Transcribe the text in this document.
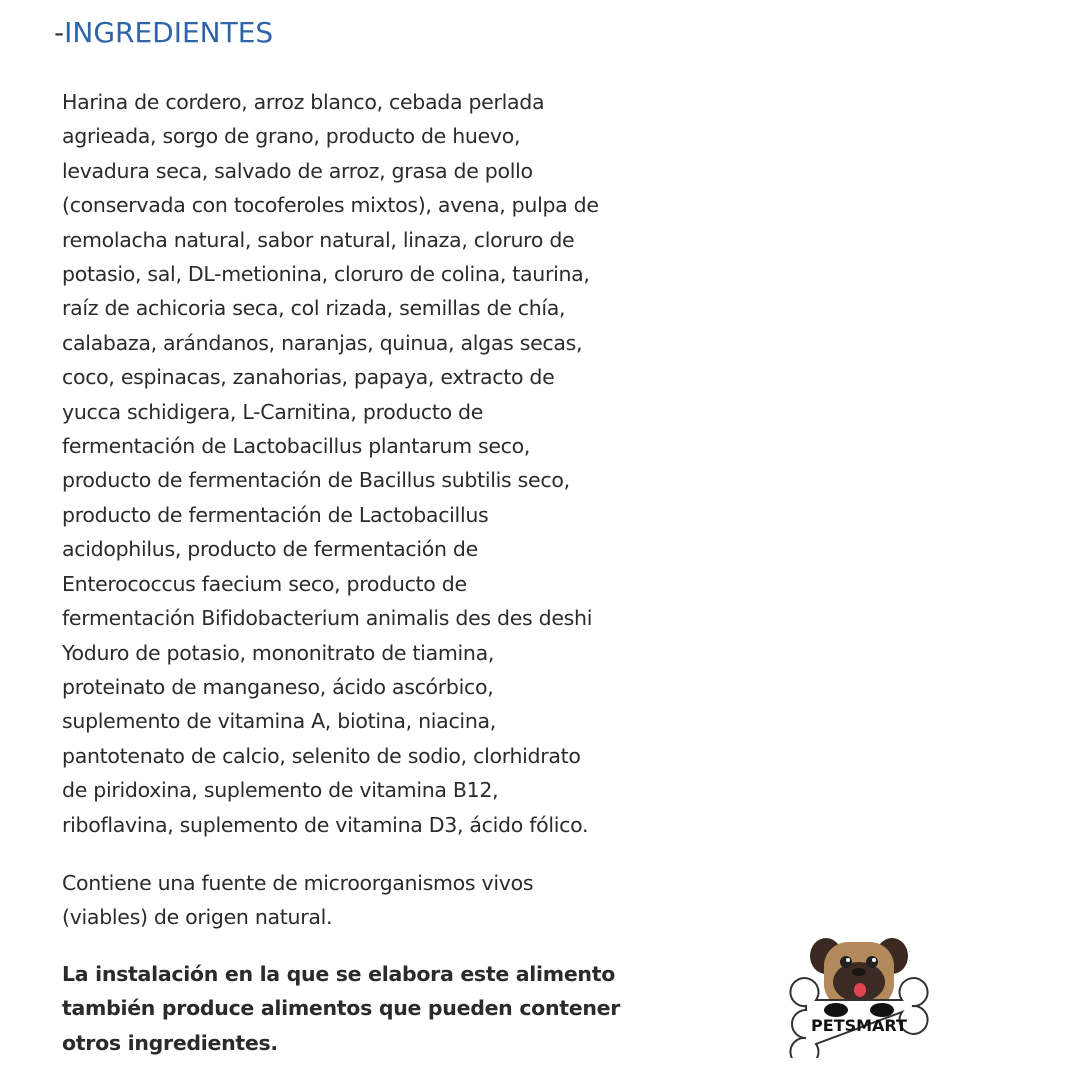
-INGREDIENTES
Harina de cordero, arroz blanco, cebada perlada
agrieada, sorgo de grano, producto de huevo,
levadura seca, salvado de arroz, grasa de pollo
(conservada con tocoferoles mixtos), avena, pulpa de
remolacha natural, sabor natural, linaza, cloruro de
potasio, sal, DL-metionina, cloruro de colina, taurina,
raíz de achicoria seca, col rizada, semillas de chía,
calabaza, arándanos, naranjas, quinua, algas secas,
coco, espinacas, zanahorias, papaya, extracto de
yucca schidigera, L-Carnitina, producto de
fermentación de Lactobacillus plantarum seco,
producto de fermentación de Bacillus subtilis seco,
producto de fermentación de Lactobacillus
acidophilus, producto de fermentación de
Enterococcus faecium seco, producto de
fermentación Bifidobacterium animalis des des deshi
Yoduro de potasio, mononitrato de tiamina,
proteinato de manganeso, ácido ascórbico,
suplemento de vitamina A, biotina, niacina,
pantotenato de calcio, selenito de sodio, clorhidrato
de piridoxina, suplemento de vitamina B12,
riboflavina, suplemento de vitamina D3, ácido fólico.
Contiene una fuente de microorganismos vivos
(viables) de origen natural.
La instalación en la que se elabora este alimento
también produce alimentos que pueden contener
otros ingredientes.
PETSMART
